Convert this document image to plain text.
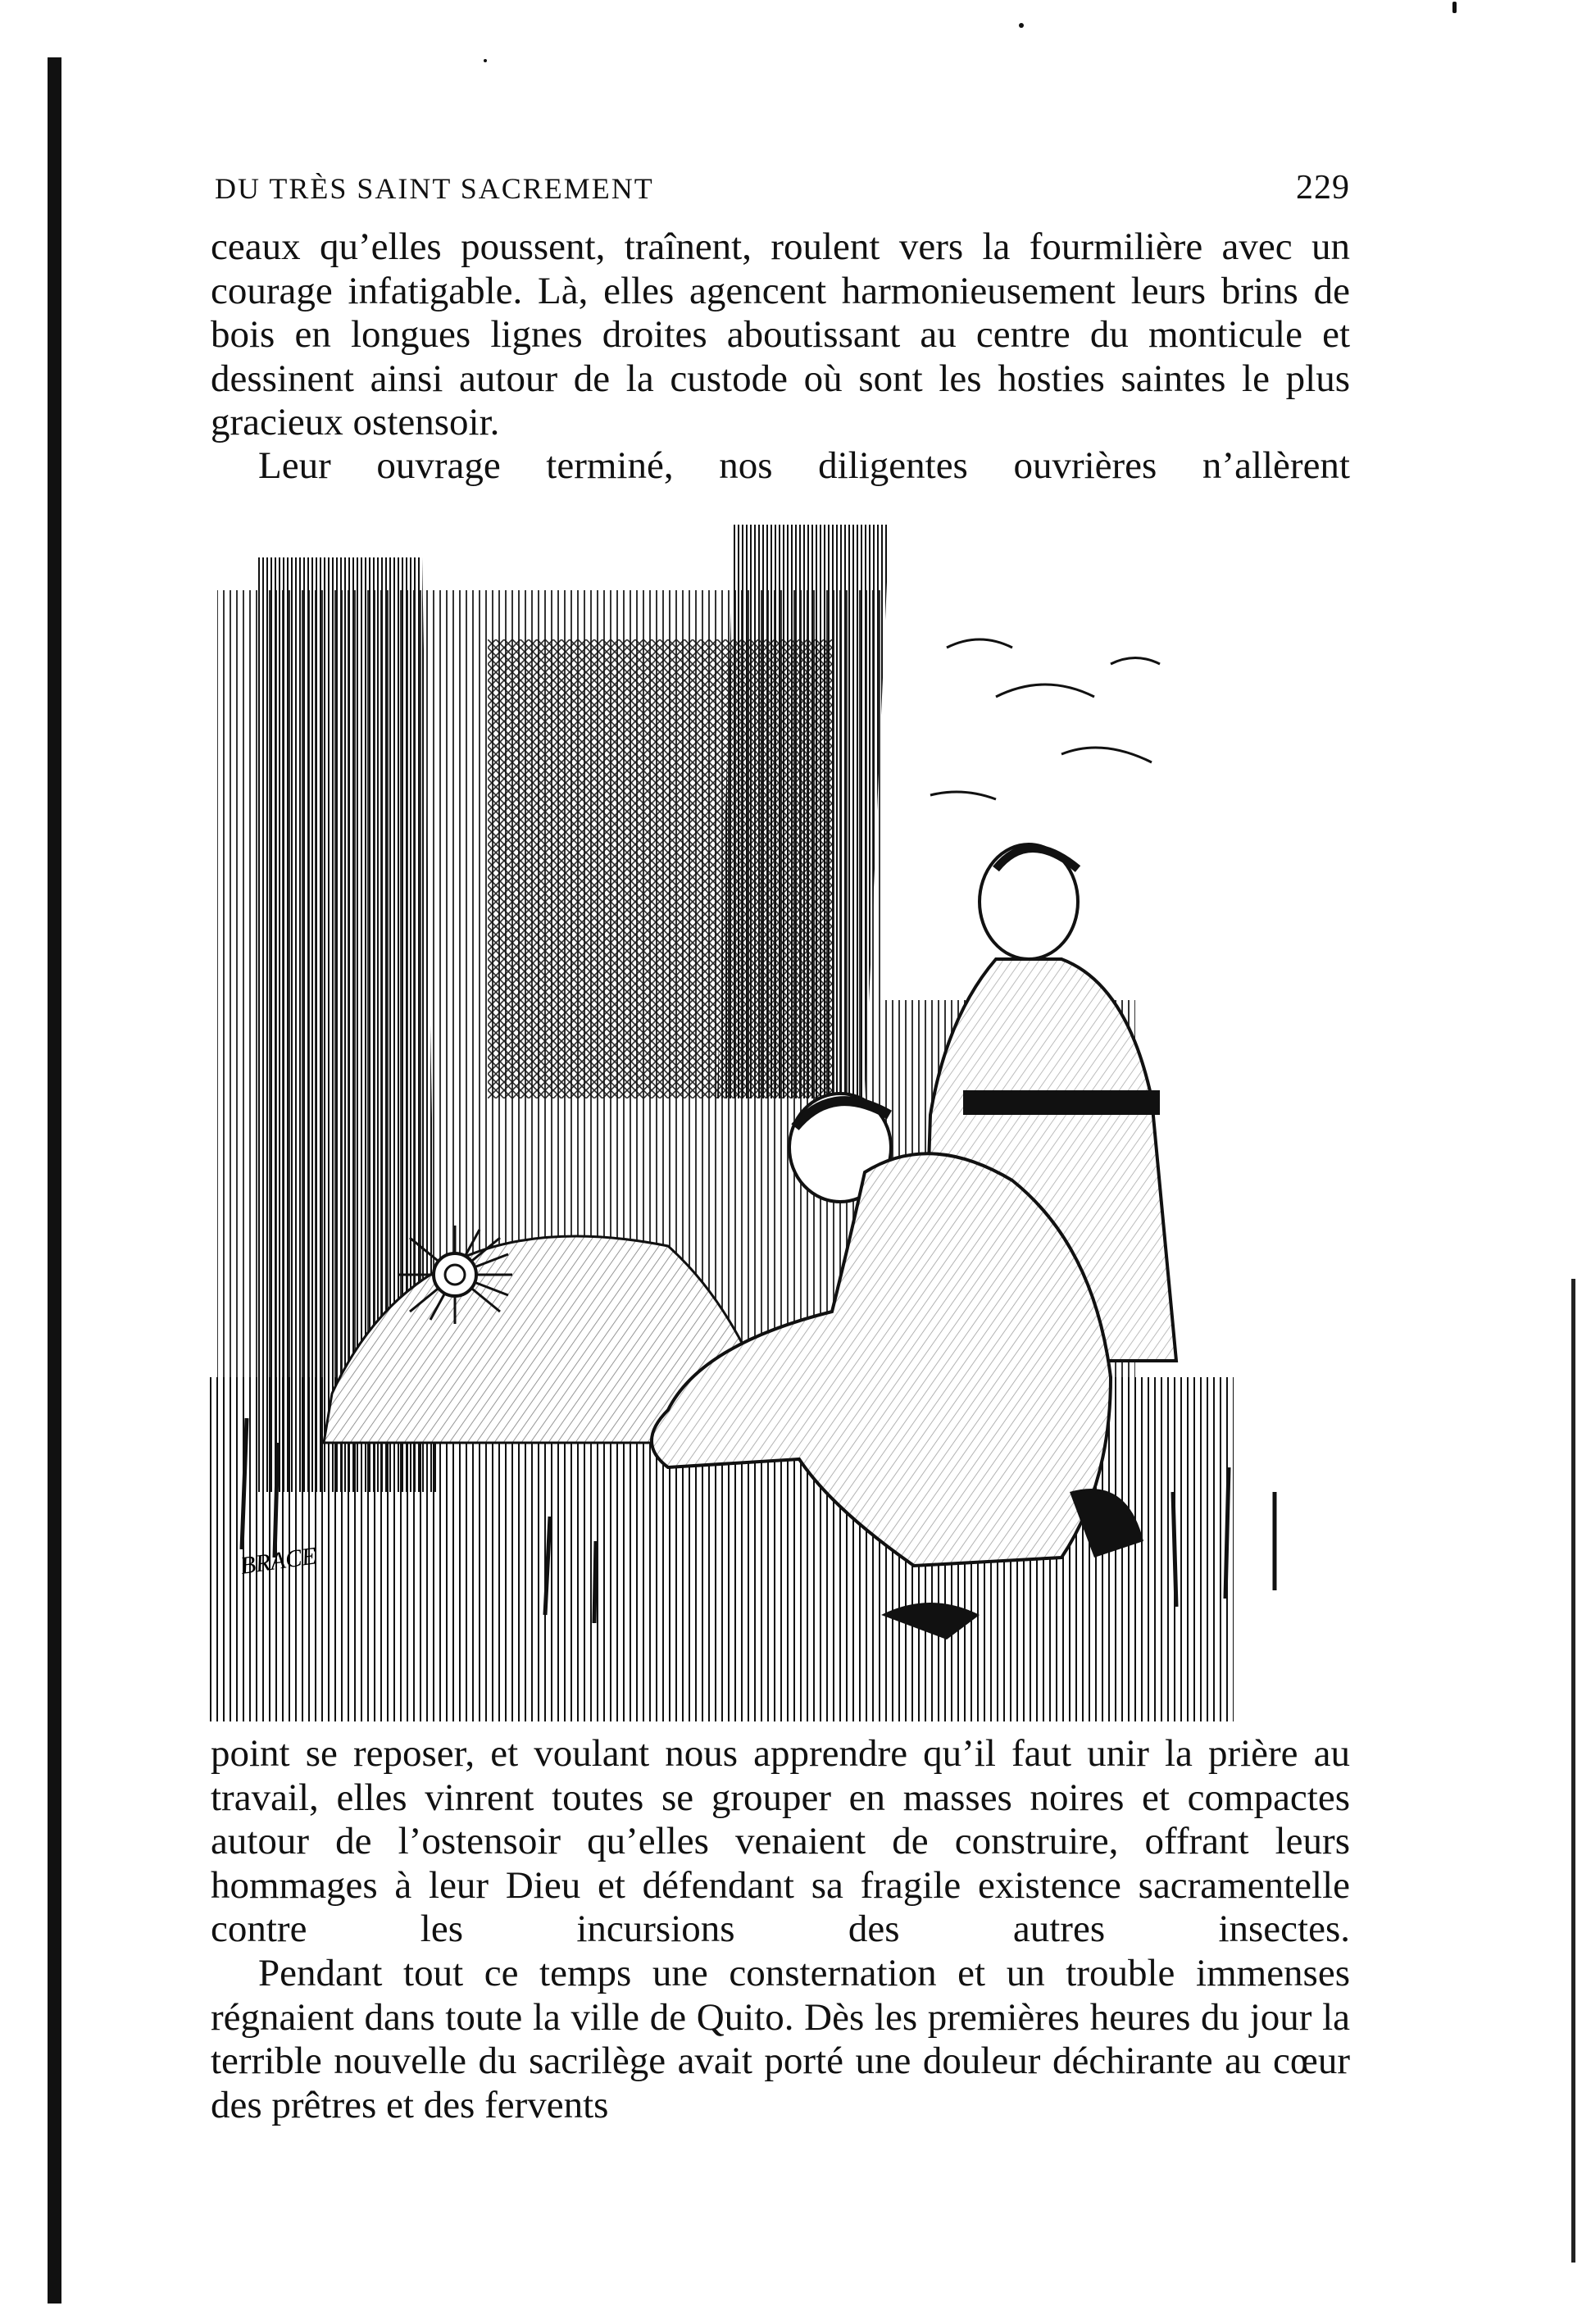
DU TRÈS SAINT SACREMENT	229

ceaux qu’elles poussent, traînent, roulent vers la fourmilière avec un courage infatigable. Là, elles agencent harmonieusement leurs brins de bois en longues lignes droites aboutissant au centre du monticule et dessinent ainsi autour de la custode où sont les hosties saintes le plus gracieux ostensoir.

Leur ouvrage terminé, nos diligentes ouvrières n’allèrent

BRACE

point se reposer, et voulant nous apprendre qu’il faut unir la prière au travail, elles vinrent toutes se grouper en masses noires et compactes autour de l’ostensoir qu’elles venaient de construire, offrant leurs hommages à leur Dieu et défendant sa fragile existence sacramentelle contre les incursions des autres insectes.

Pendant tout ce temps une consternation et un trouble immenses régnaient dans toute la ville de Quito. Dès les premières heures du jour la terrible nouvelle du sacrilège avait porté une douleur déchirante au cœur des prêtres et des fervents
